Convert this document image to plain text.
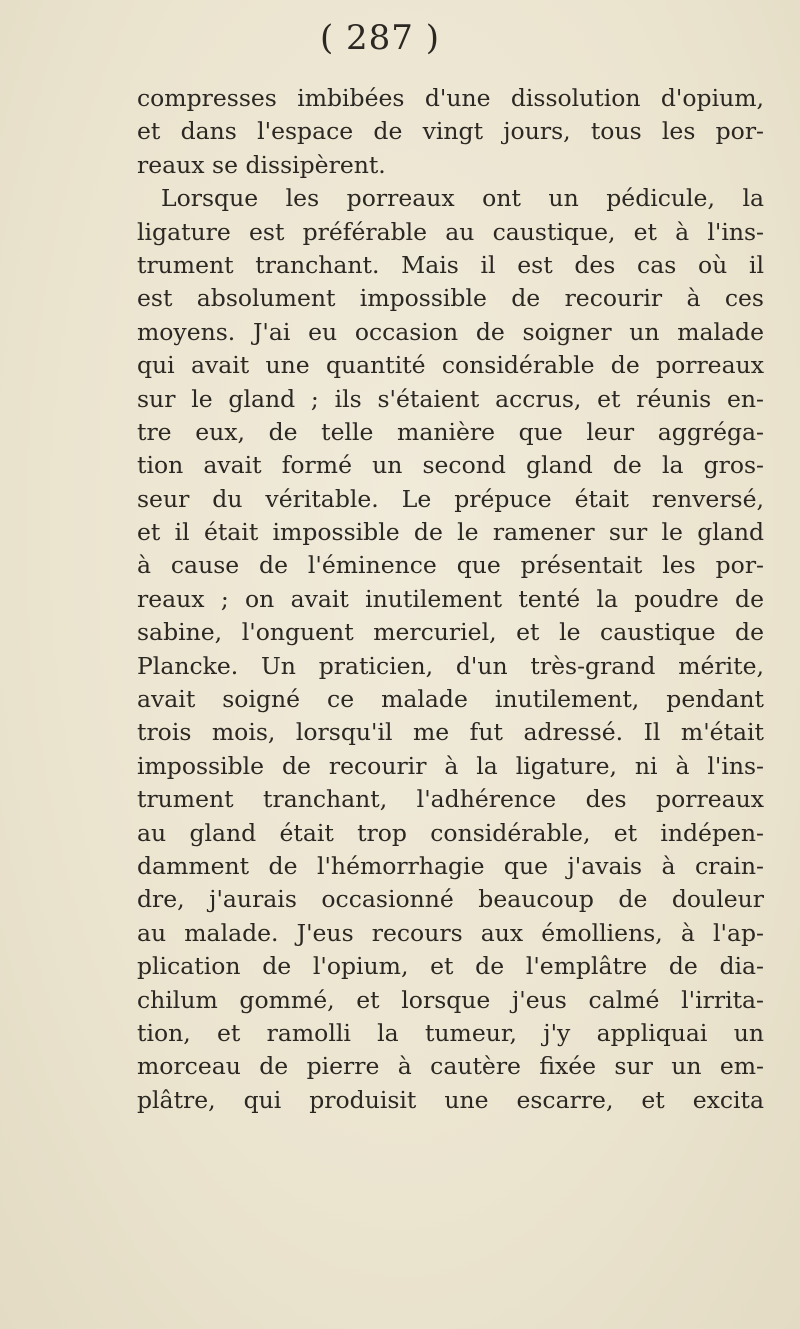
( 287 )
compresses imbibées d'une dissolution d'opium,
et dans l'espace de vingt jours, tous les por-
reaux se dissipèrent.
Lorsque les porreaux ont un pédicule, la
ligature est préférable au caustique, et à l'ins-
trument tranchant. Mais il est des cas où il
est absolument impossible de recourir à ces
moyens. J'ai eu occasion de soigner un malade
qui avait une quantité considérable de porreaux
sur le gland ; ils s'étaient accrus, et réunis en-
tre eux, de telle manière que leur aggréga-
tion avait formé un second gland de la gros-
seur du véritable. Le prépuce était renversé,
et il était impossible de le ramener sur le gland
à cause de l'éminence que présentait les por-
reaux ; on avait inutilement tenté la poudre de
sabine, l'onguent mercuriel, et le caustique de
Plancke. Un praticien, d'un très-grand mérite,
avait soigné ce malade inutilement, pendant
trois mois, lorsqu'il me fut adressé. Il m'était
impossible de recourir à la ligature, ni à l'ins-
trument tranchant, l'adhérence des porreaux
au gland était trop considérable, et indépen-
damment de l'hémorrhagie que j'avais à crain-
dre, j'aurais occasionné beaucoup de douleur
au malade. J'eus recours aux émolliens, à l'ap-
plication de l'opium, et de l'emplâtre de dia-
chilum gommé, et lorsque j'eus calmé l'irrita-
tion, et ramolli la tumeur, j'y appliquai un
morceau de pierre à cautère fixée sur un em-
plâtre, qui produisit une escarre, et excita
